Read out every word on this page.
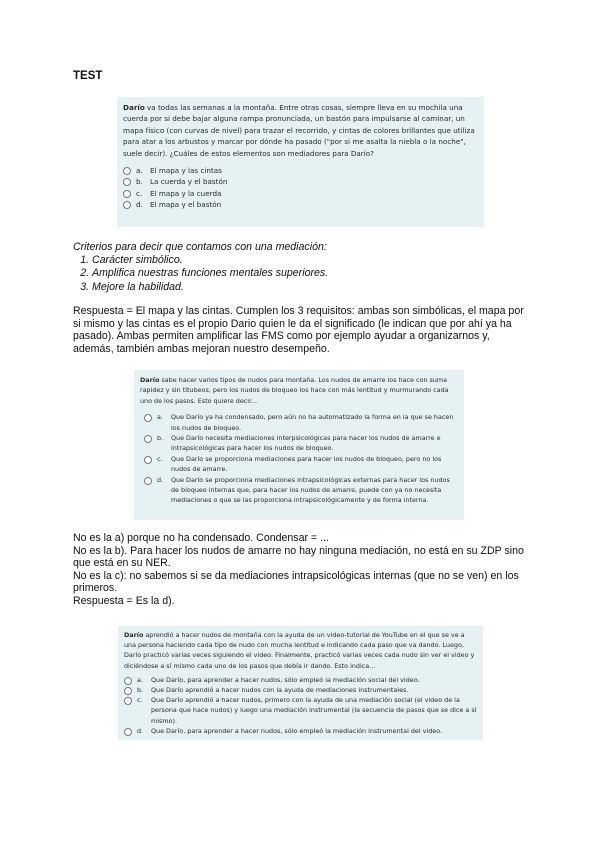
TEST
Darío va todas las semanas a la montaña. Entre otras cosas, siempre lleva en su mochila una cuerda por si debe bajar alguna rampa pronunciada, un bastón para impulsarse al caminar, un mapa físico (con curvas de nivel) para trazar el recorrido, y cintas de colores brillantes que utiliza para atar a los arbustos y marcar por dónde ha pasado ("por si me asalta la niebla o la noche", suele decir). ¿Cuáles de estos elementos son mediadores para Darío?
a.	El mapa y las cintas
b. La cuerda y el bastón
c.	El mapa y la cuerda
d. El mapa y el bastón
Criterios para decir que contamos con una mediación:
1. Carácter simbólico.
2. Amplifica nuestras funciones mentales superiores.
3. Mejore la habilidad.
Respuesta = El mapa y las cintas. Cumplen los 3 requisitos: ambas son simbólicas, el mapa por si mismo y las cintas es el propio Dario quien le da el significado (le indican que por ahí ya ha pasado). Ambas permiten amplificar las FMS como por ejemplo ayudar a organizarnos y, además, también ambas mejoran nuestro desempeño.
Darío sabe hacer varios tipos de nudos para montaña. Los nudos de amarre los hace con suma rapidez y sin titubeos, pero los nudos de bloqueo los hace con más lentitud y murmurando cada uno de los pasos. Esto quiere decir...
a.	Que Darío ya ha condensado, pero aún no ha automatizado la forma en la que se hacen los nudos de bloqueo.
b.	Que Darío necesita mediaciones interpsicológicas para hacer los nudos de amarre e intrapsicológicas para hacer los nudos de bloqueo.
c.	Que Darío se proporciona mediaciones para hacer los nudos de bloqueo, pero no los nudos de amarre.
d.	Que Darío se proporciona mediaciones intrapsicológicas externas para hacer los nudos de bloqueo internas que, para hacer los nudos de amarre, puede con ya no necesita mediaciones o que se las proporciona intrapsicológicamente y de forma interna.
No es la a) porque no ha condensado. Condensar = ...
No es la b). Para hacer los nudos de amarre no hay ninguna mediación, no está en su ZDP sino que está en su NER.
No es la c): no sabemos si se da mediaciones intrapsicológicas internas (que no se ven) en los primeros.
Respuesta = Es la d).
Darío aprendió a hacer nudos de montaña con la ayuda de un video-tutorial de YouTube en el que se ve a una persona haciendo cada tipo de nudo con mucha lentitud e indicando cada paso que va dando. Luego, Darío practicó varias veces siguiendo el video. Finalmente, practicó varias veces cada nudo sin ver el video y diciéndose a sí mismo cada uno de los pasos que debía ir dando. Esto indica...
a.	Que Darío, para aprender a hacer nudos, sólo empleó la mediación social del video.
b.	Que Darío aprendió a hacer nudos con la ayuda de mediaciones instrumentales.
c.	Que Darío aprendió a hacer nudos, primero con la ayuda de una mediación social (el video de la persona que hace nudos) y luego una mediación instrumental (la secuencia de pasos que se dice a sí mismo).
d.	Que Darío, para aprender a hacer nudos, sólo empleó la mediación instrumental del video.
